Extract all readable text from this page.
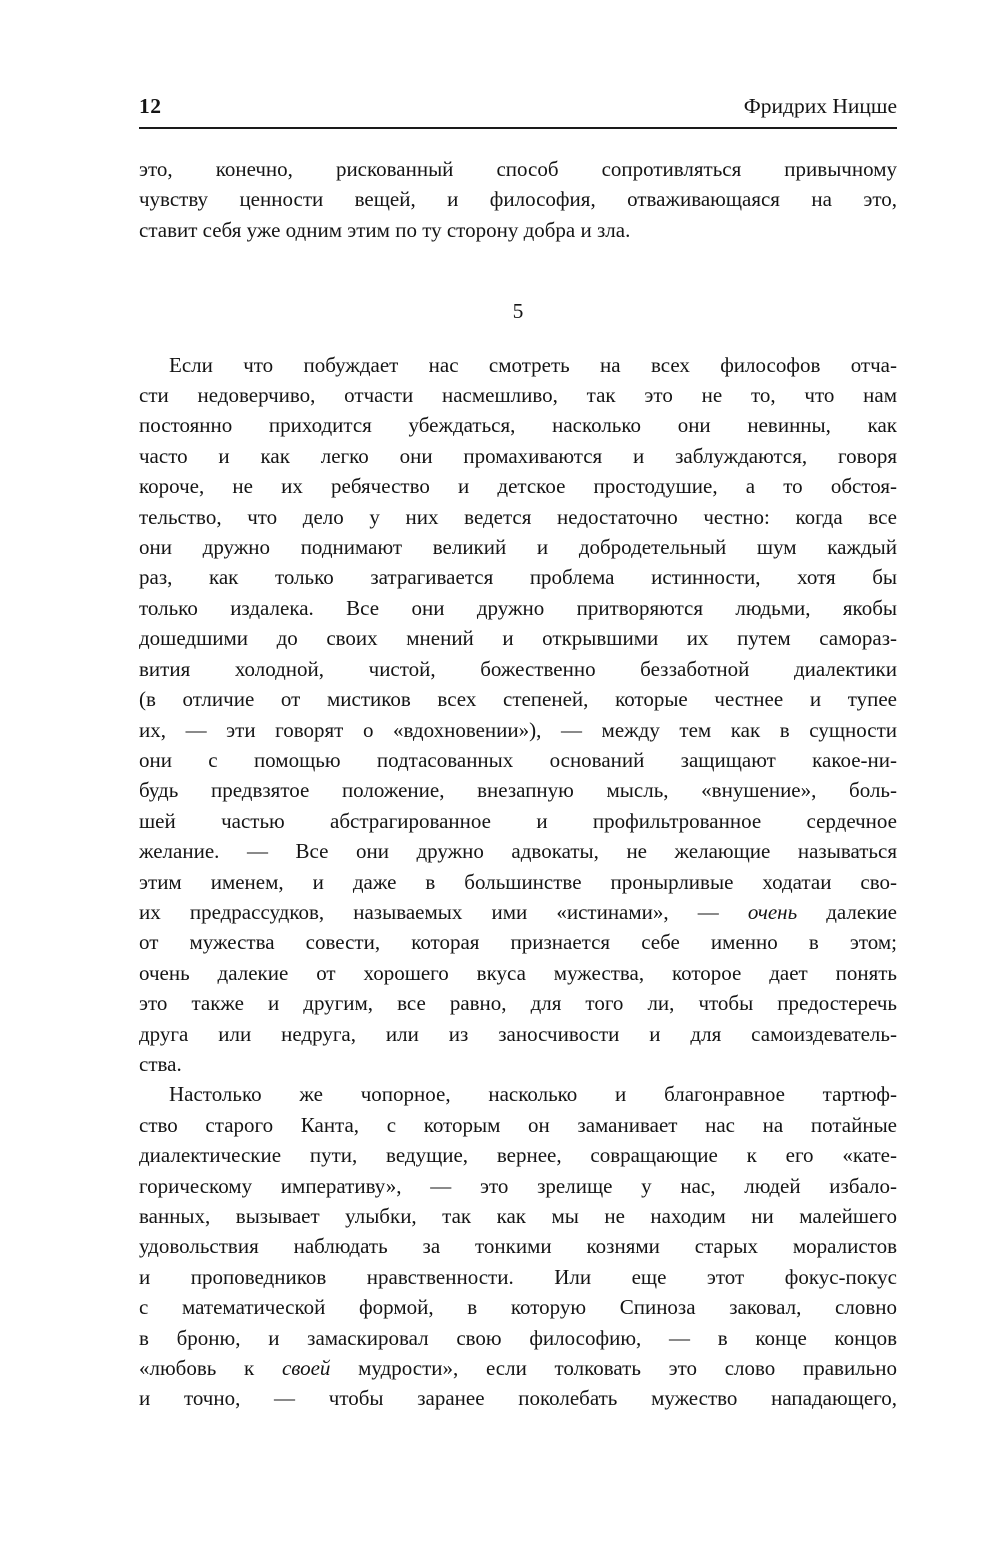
12	Фридрих Ницше
это, конечно, рискованный способ сопротивляться привычному
чувству ценности вещей, и философия, отваживающаяся на это,
ставит себя уже одним этим по ту сторону добра и зла.
5
Если что побуждает нас смотреть на всех философов отча-
сти недоверчиво, отчасти насмешливо, так это не то, что нам
постоянно приходится убеждаться, насколько они невинны, как
часто и как легко они промахиваются и заблуждаются, говоря
короче, не их ребячество и детское простодушие, а то обстоя-
тельство, что дело у них ведется недостаточно честно: когда все
они дружно поднимают великий и добродетельный шум каждый
раз, как только затрагивается проблема истинности, хотя бы
только издалека. Все они дружно притворяются людьми, якобы
дошедшими до своих мнений и открывшими их путем самораз-
вития холодной, чистой, божественно беззаботной диалектики
(в отличие от мистиков всех степеней, которые честнее и тупее
их, — эти говорят о «вдохновении»), — между тем как в сущности
они с помощью подтасованных оснований защищают какое-ни-
будь предвзятое положение, внезапную мысль, «внушение», боль-
шей частью абстрагированное и профильтрованное сердечное
желание. — Все они дружно адвокаты, не желающие называться
этим именем, и даже в большинстве пронырливые ходатаи сво-
их предрассудков, называемых ими «истинами», — очень далекие
от мужества совести, которая признается себе именно в этом;
очень далекие от хорошего вкуса мужества, которое дает понять
это также и другим, все равно, для того ли, чтобы предостеречь
друга или недруга, или из заносчивости и для самоиздеватель-
ства.
Настолько же чопорное, насколько и благонравное тартюф-
ство старого Канта, с которым он заманивает нас на потайные
диалектические пути, ведущие, вернее, совращающие к его «кате-
горическому императиву», — это зрелище у нас, людей избало-
ванных, вызывает улыбки, так как мы не находим ни малейшего
удовольствия наблюдать за тонкими кознями старых моралистов
и проповедников нравственности. Или еще этот фокус-покус
с математической формой, в которую Спиноза заковал, словно
в броню, и замаскировал свою философию, — в конце концов
«любовь к своей мудрости», если толковать это слово правильно
и точно, — чтобы заранее поколебать мужество нападающего,
